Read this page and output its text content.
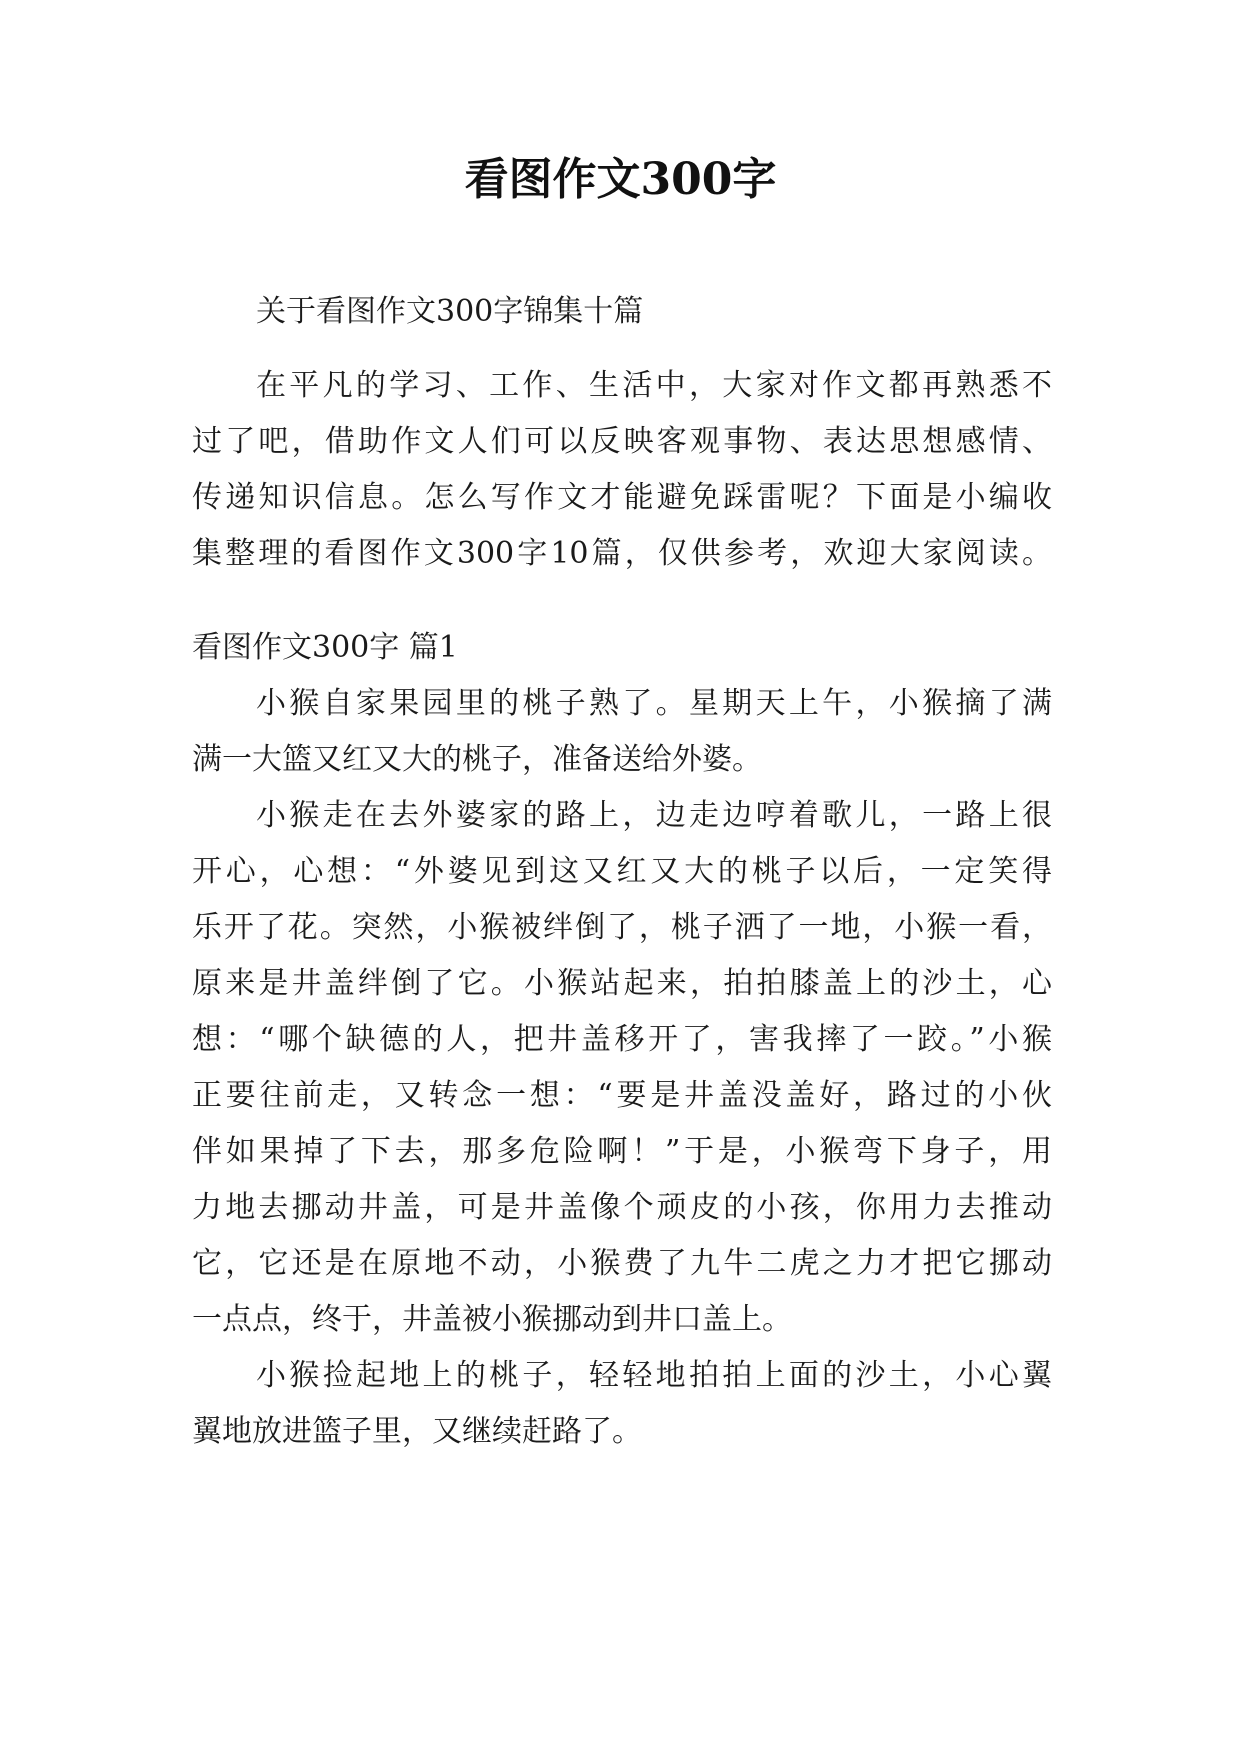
看图作文300字
关于看图作文300字锦集十篇
在平凡的学习、工作、生活中，大家对作文都再熟悉不
过了吧，借助作文人们可以反映客观事物、表达思想感情、
传递知识信息。怎么写作文才能避免踩雷呢？下面是小编收
集整理的看图作文300字10篇，仅供参考，欢迎大家阅读。
看图作文300字 篇1
小猴自家果园里的桃子熟了。星期天上午，小猴摘了满
满一大篮又红又大的桃子，准备送给外婆。
小猴走在去外婆家的路上，边走边哼着歌儿，一路上很
开心，心想：“外婆见到这又红又大的桃子以后，一定笑得
乐开了花。突然，小猴被绊倒了，桃子洒了一地，小猴一看，
原来是井盖绊倒了它。小猴站起来，拍拍膝盖上的沙土，心
想：“哪个缺德的人，把井盖移开了，害我摔了一跤。”小猴
正要往前走，又转念一想：“要是井盖没盖好，路过的小伙
伴如果掉了下去，那多危险啊！”于是，小猴弯下身子，用
力地去挪动井盖，可是井盖像个顽皮的小孩，你用力去推动
它，它还是在原地不动，小猴费了九牛二虎之力才把它挪动
一点点，终于，井盖被小猴挪动到井口盖上。
小猴捡起地上的桃子，轻轻地拍拍上面的沙土，小心翼
翼地放进篮子里，又继续赶路了。
